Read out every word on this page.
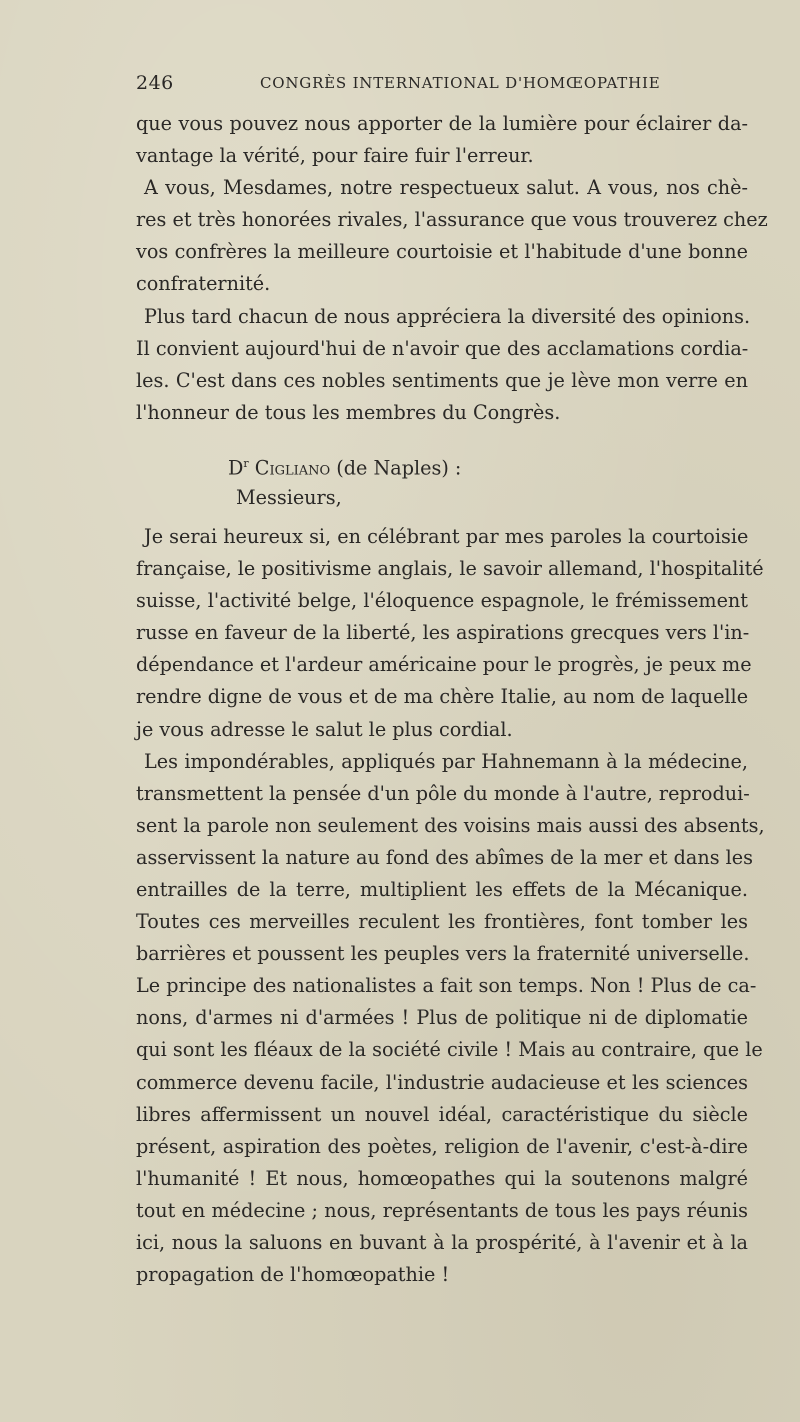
246	CONGRÈS INTERNATIONAL D'HOMŒOPATHIE
que vous pouvez nous apporter de la lumière pour éclairer da-
vantage la vérité, pour faire fuir l'erreur.
A vous, Mesdames, notre respectueux salut. A vous, nos chè-
res et très honorées rivales, l'assurance que vous trouverez chez
vos confrères la meilleure courtoisie et l'habitude d'une bonne
confraternité.
Plus tard chacun de nous appréciera la diversité des opinions.
Il convient aujourd'hui de n'avoir que des acclamations cordia-
les. C'est dans ces nobles sentiments que je lève mon verre en
l'honneur de tous les membres du Congrès.
$D^r$ Cigliano (de Naples) :
Messieurs,
Je serai heureux si, en célébrant par mes paroles la courtoisie
française, le positivisme anglais, le savoir allemand, l'hospitalité
suisse, l'activité belge, l'éloquence espagnole, le frémissement
russe en faveur de la liberté, les aspirations grecques vers l'in-
dépendance et l'ardeur américaine pour le progrès, je peux me
rendre digne de vous et de ma chère Italie, au nom de laquelle
je vous adresse le salut le plus cordial.
Les impondérables, appliqués par Hahnemann à la médecine,
transmettent la pensée d'un pôle du monde à l'autre, reprodui-
sent la parole non seulement des voisins mais aussi des absents,
asservissent la nature au fond des abîmes de la mer et dans les
entrailles de la terre, multiplient les effets de la Mécanique.
Toutes ces merveilles reculent les frontières, font tomber les
barrières et poussent les peuples vers la fraternité universelle.
Le principe des nationalistes a fait son temps. Non ! Plus de ca-
nons, d'armes ni d'armées ! Plus de politique ni de diplomatie
qui sont les fléaux de la société civile ! Mais au contraire, que le
commerce devenu facile, l'industrie audacieuse et les sciences
libres affermissent un nouvel idéal, caractéristique du siècle
présent, aspiration des poètes, religion de l'avenir, c'est-à-dire
l'humanité ! Et nous, homœopathes qui la soutenons malgré
tout en médecine ; nous, représentants de tous les pays réunis
ici, nous la saluons en buvant à la prospérité, à l'avenir et à la
propagation de l'homœopathie !
